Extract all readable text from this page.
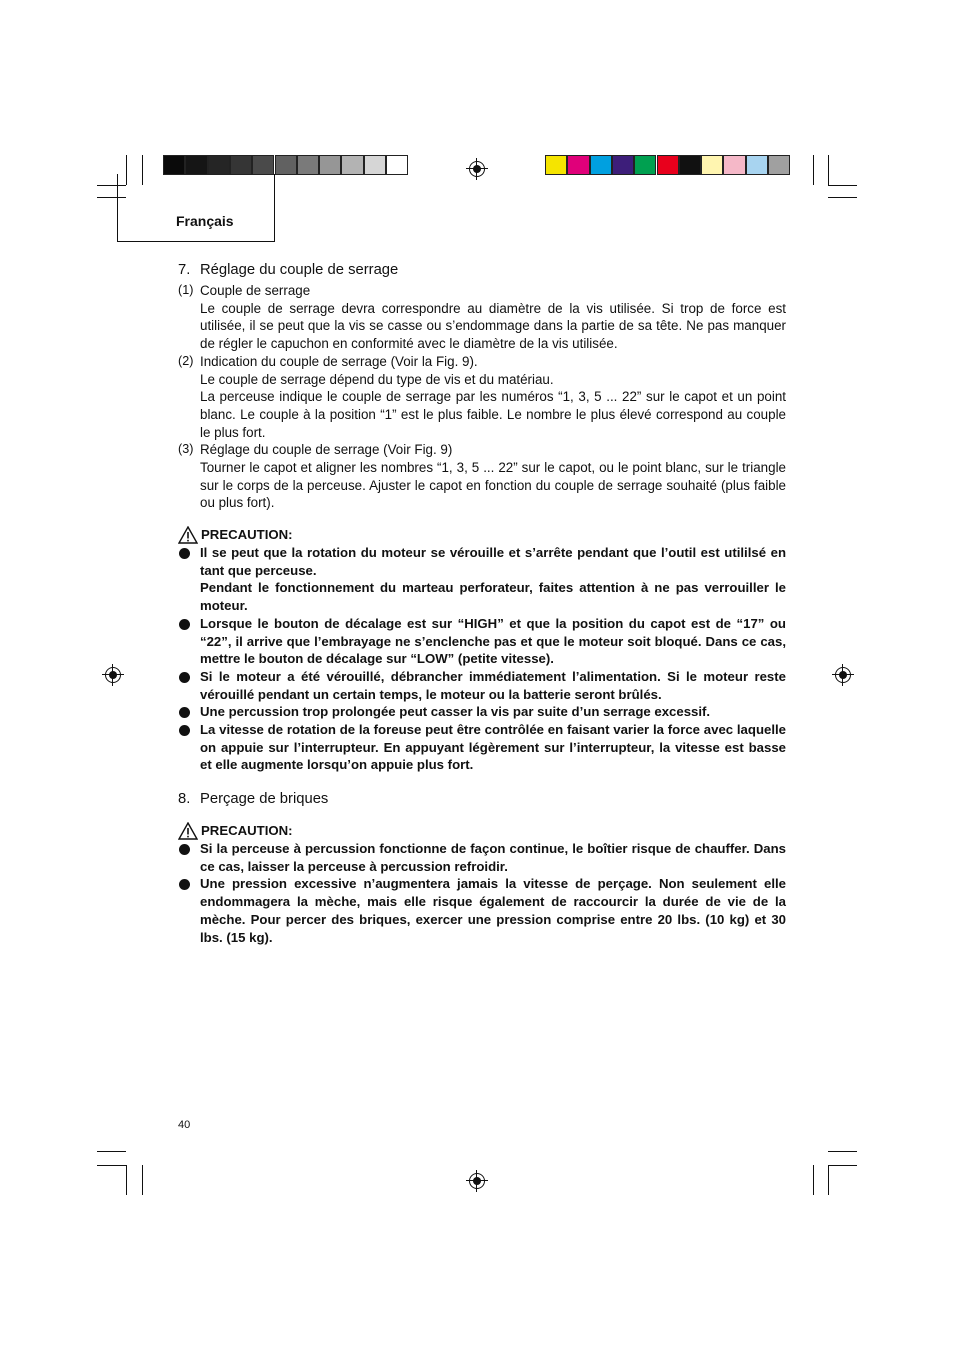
Français
7. Réglage du couple de serrage
(1) Couple de serrage
Le couple de serrage devra correspondre au diamètre de la vis utilisée. Si trop de force est utilisée, il se peut que la vis se casse ou s’endommage dans la partie de sa tête. Ne pas manquer de régler le capuchon en conformité avec le diamètre de la vis utilisée.
(2) Indication du couple de serrage (Voir la Fig. 9).
Le couple de serrage dépend du type de vis et du matériau.
La perceuse indique le couple de serrage par les numéros “1, 3, 5 ... 22” sur le capot et un point blanc. Le couple à la position “1” est le plus faible. Le nombre le plus élevé correspond au couple le plus fort.
(3) Réglage du couple de serrage (Voir Fig. 9)
Tourner le capot et aligner les nombres “1, 3, 5 ... 22” sur le capot, ou le point blanc, sur le triangle sur le corps de la perceuse. Ajuster le capot en fonction du couple de serrage souhaité (plus faible ou plus fort).
PRECAUTION:
Il se peut que la rotation du moteur se vérouille et s’arrête pendant que l’outil est utililsé en tant que perceuse.
Pendant le fonctionnement du marteau perforateur, faites attention à ne pas verrouiller le moteur.
Lorsque le bouton de décalage est sur “HIGH” et que la position du capot est de “17” ou “22”, il arrive que l’embrayage ne s’enclenche pas et que le moteur soit bloqué. Dans ce cas, mettre le bouton de décalage sur “LOW” (petite vitesse).
Si le moteur a été vérouillé, débrancher immédiatement l’alimentation. Si le moteur reste vérouillé pendant un certain temps, le moteur ou la batterie seront brûlés.
Une percussion trop prolongée peut casser la vis par suite d’un serrage excessif.
La vitesse de rotation de la foreuse peut être contrôlée en faisant varier la force avec laquelle on appuie sur l’interrupteur. En appuyant légèrement sur l’interrupteur, la vitesse est basse et elle augmente lorsqu’on appuie plus fort.
8. Perçage de briques
PRECAUTION:
Si la perceuse à percussion fonctionne de façon continue, le boîtier risque de chauffer. Dans ce cas, laisser la perceuse à percussion refroidir.
Une pression excessive n’augmentera jamais la vitesse de perçage. Non seulement elle endommagera la mèche, mais elle risque également de raccourcir la durée de vie de la mèche. Pour percer des briques, exercer une pression comprise entre 20 lbs. (10 kg) et 30 lbs. (15 kg).
40
